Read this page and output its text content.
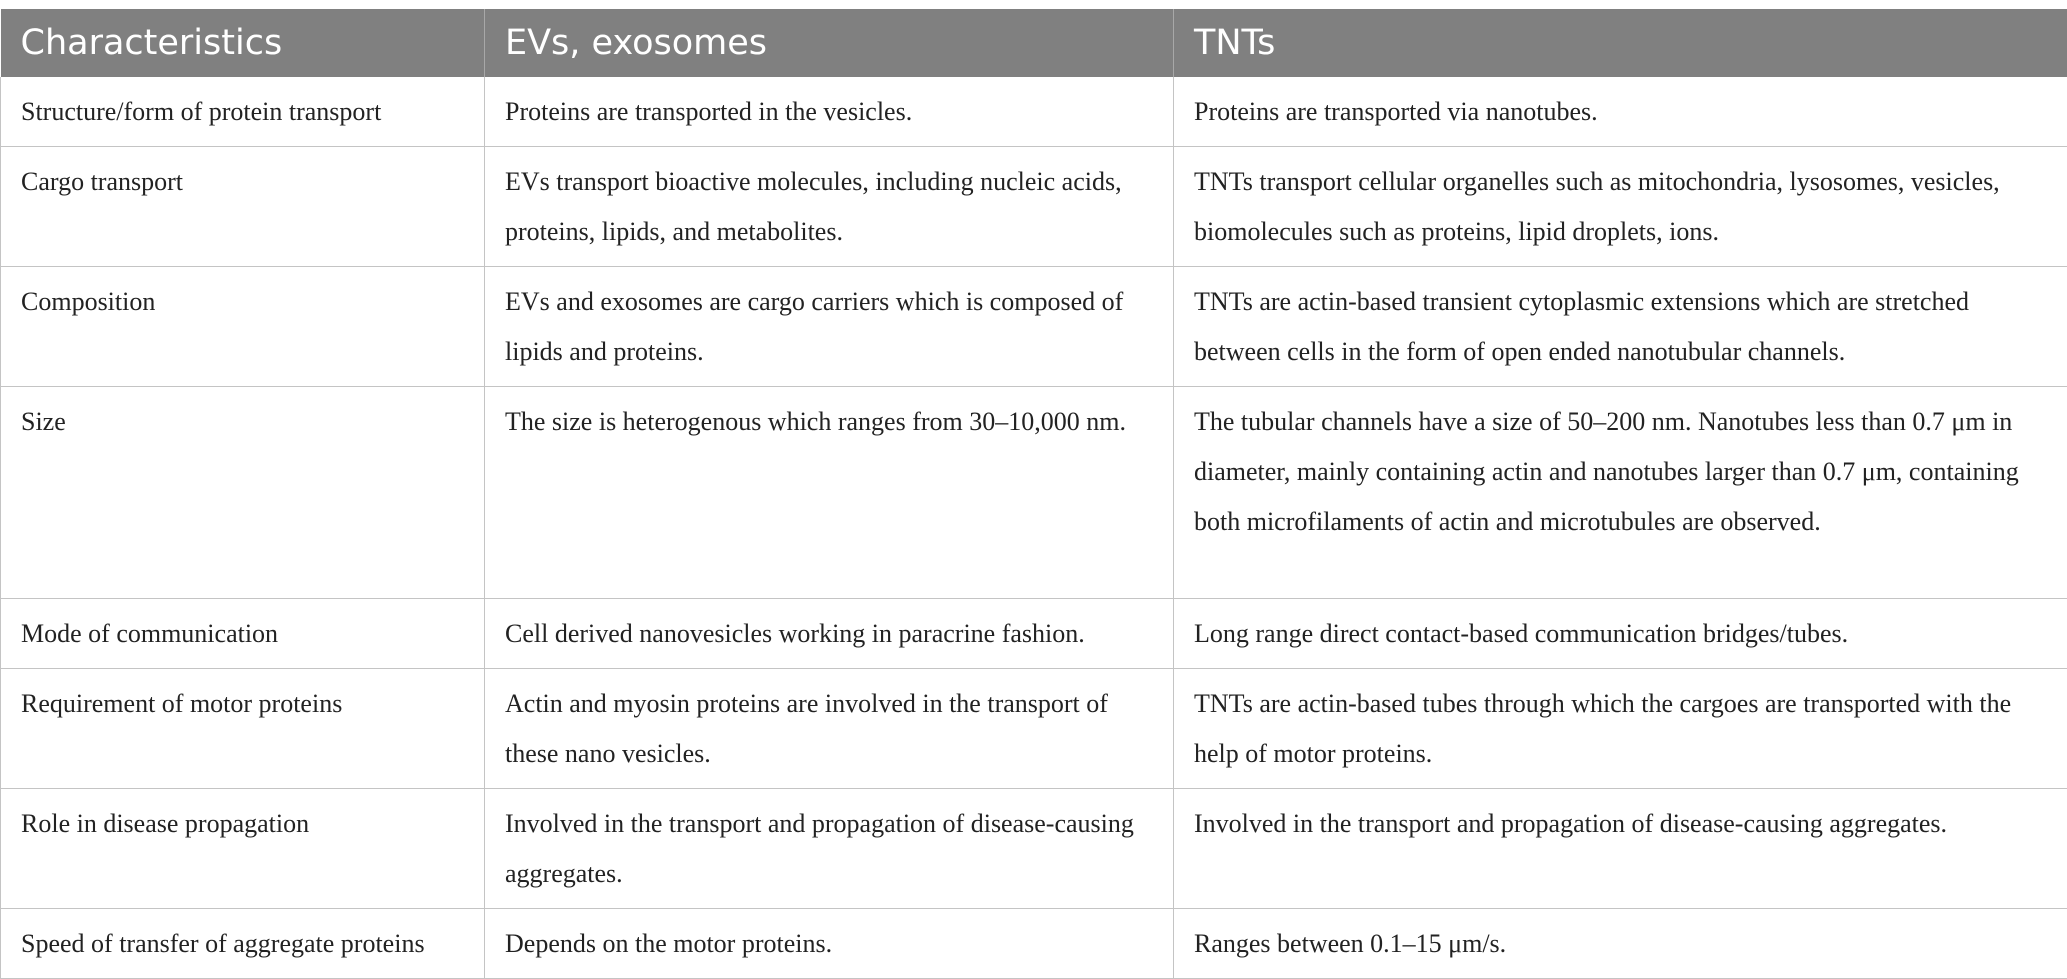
Characteristics	EVs, exosomes	TNTs
Structure/form of protein transport	Proteins are transported in the vesicles.	Proteins are transported via nanotubes.
Cargo transport	EVs transport bioactive molecules, including nucleic acids, proteins, lipids, and metabolites.	TNTs transport cellular organelles such as mitochondria, lysosomes, vesicles, biomolecules such as proteins, lipid droplets, ions.
Composition	EVs and exosomes are cargo carriers which is composed of lipids and proteins.	TNTs are actin-based transient cytoplasmic extensions which are stretched between cells in the form of open ended nanotubular channels.
Size	The size is heterogenous which ranges from 30–10,000 nm.	The tubular channels have a size of 50–200 nm. Nanotubes less than 0.7 μm in diameter, mainly containing actin and nanotubes larger than 0.7 μm, containing both microfilaments of actin and microtubules are observed.
Mode of communication	Cell derived nanovesicles working in paracrine fashion.	Long range direct contact-based communication bridges/tubes.
Requirement of motor proteins	Actin and myosin proteins are involved in the transport of these nano vesicles.	TNTs are actin-based tubes through which the cargoes are transported with the help of motor proteins.
Role in disease propagation	Involved in the transport and propagation of disease-causing aggregates.	Involved in the transport and propagation of disease-causing aggregates.
Speed of transfer of aggregate proteins	Depends on the motor proteins.	Ranges between 0.1–15 μm/s.
